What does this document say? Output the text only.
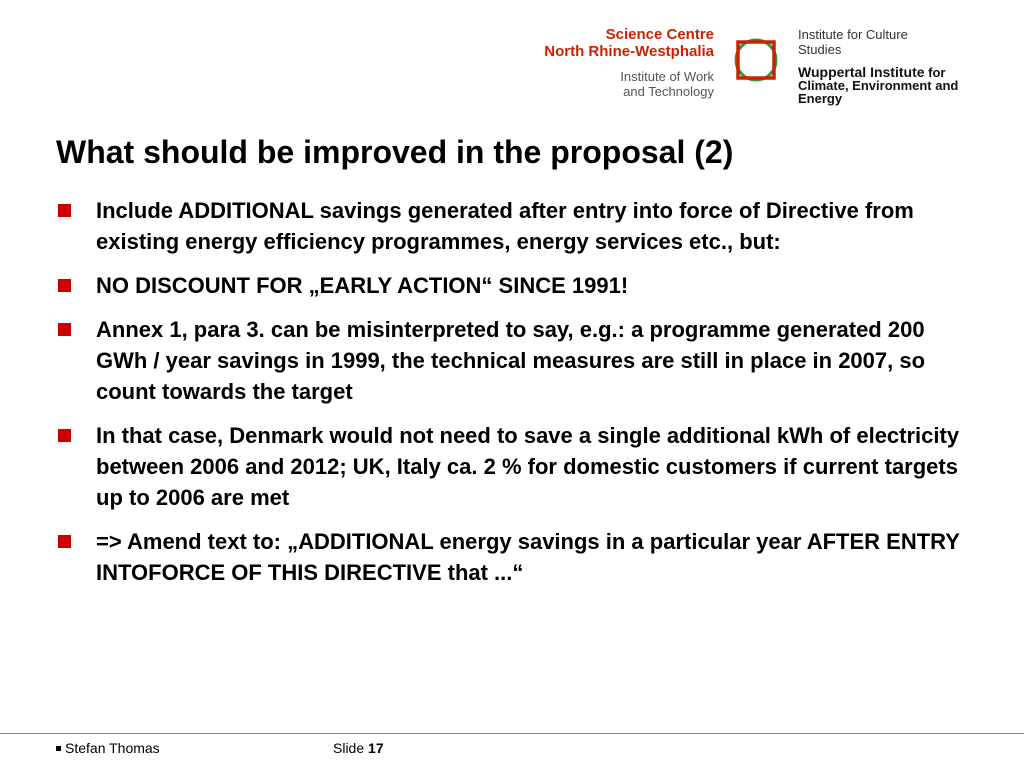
Science Centre
North Rhine-Westphalia
Institute of Work
and Technology
Institute for Culture
Studies
Wuppertal Institute for
Climate, Environment and
Energy
What should be improved in the proposal (2)
Include ADDITIONAL savings generated after entry into force of Directive from existing energy efficiency programmes, energy services etc., but:
NO DISCOUNT FOR „EARLY ACTION“ SINCE 1991!
Annex 1, para 3. can be misinterpreted to say, e.g.: a programme generated 200 GWh / year savings in 1999, the technical measures are still in place in 2007, so count towards the target
In that case, Denmark would not need to save a single additional kWh of electricity between 2006 and 2012; UK, Italy ca. 2 % for domestic customers if current targets up to 2006 are met
=> Amend text to: „ADDITIONAL energy savings in a particular year AFTER ENTRY INTOFORCE OF THIS DIRECTIVE that ...“
Stefan Thomas	Slide 17
